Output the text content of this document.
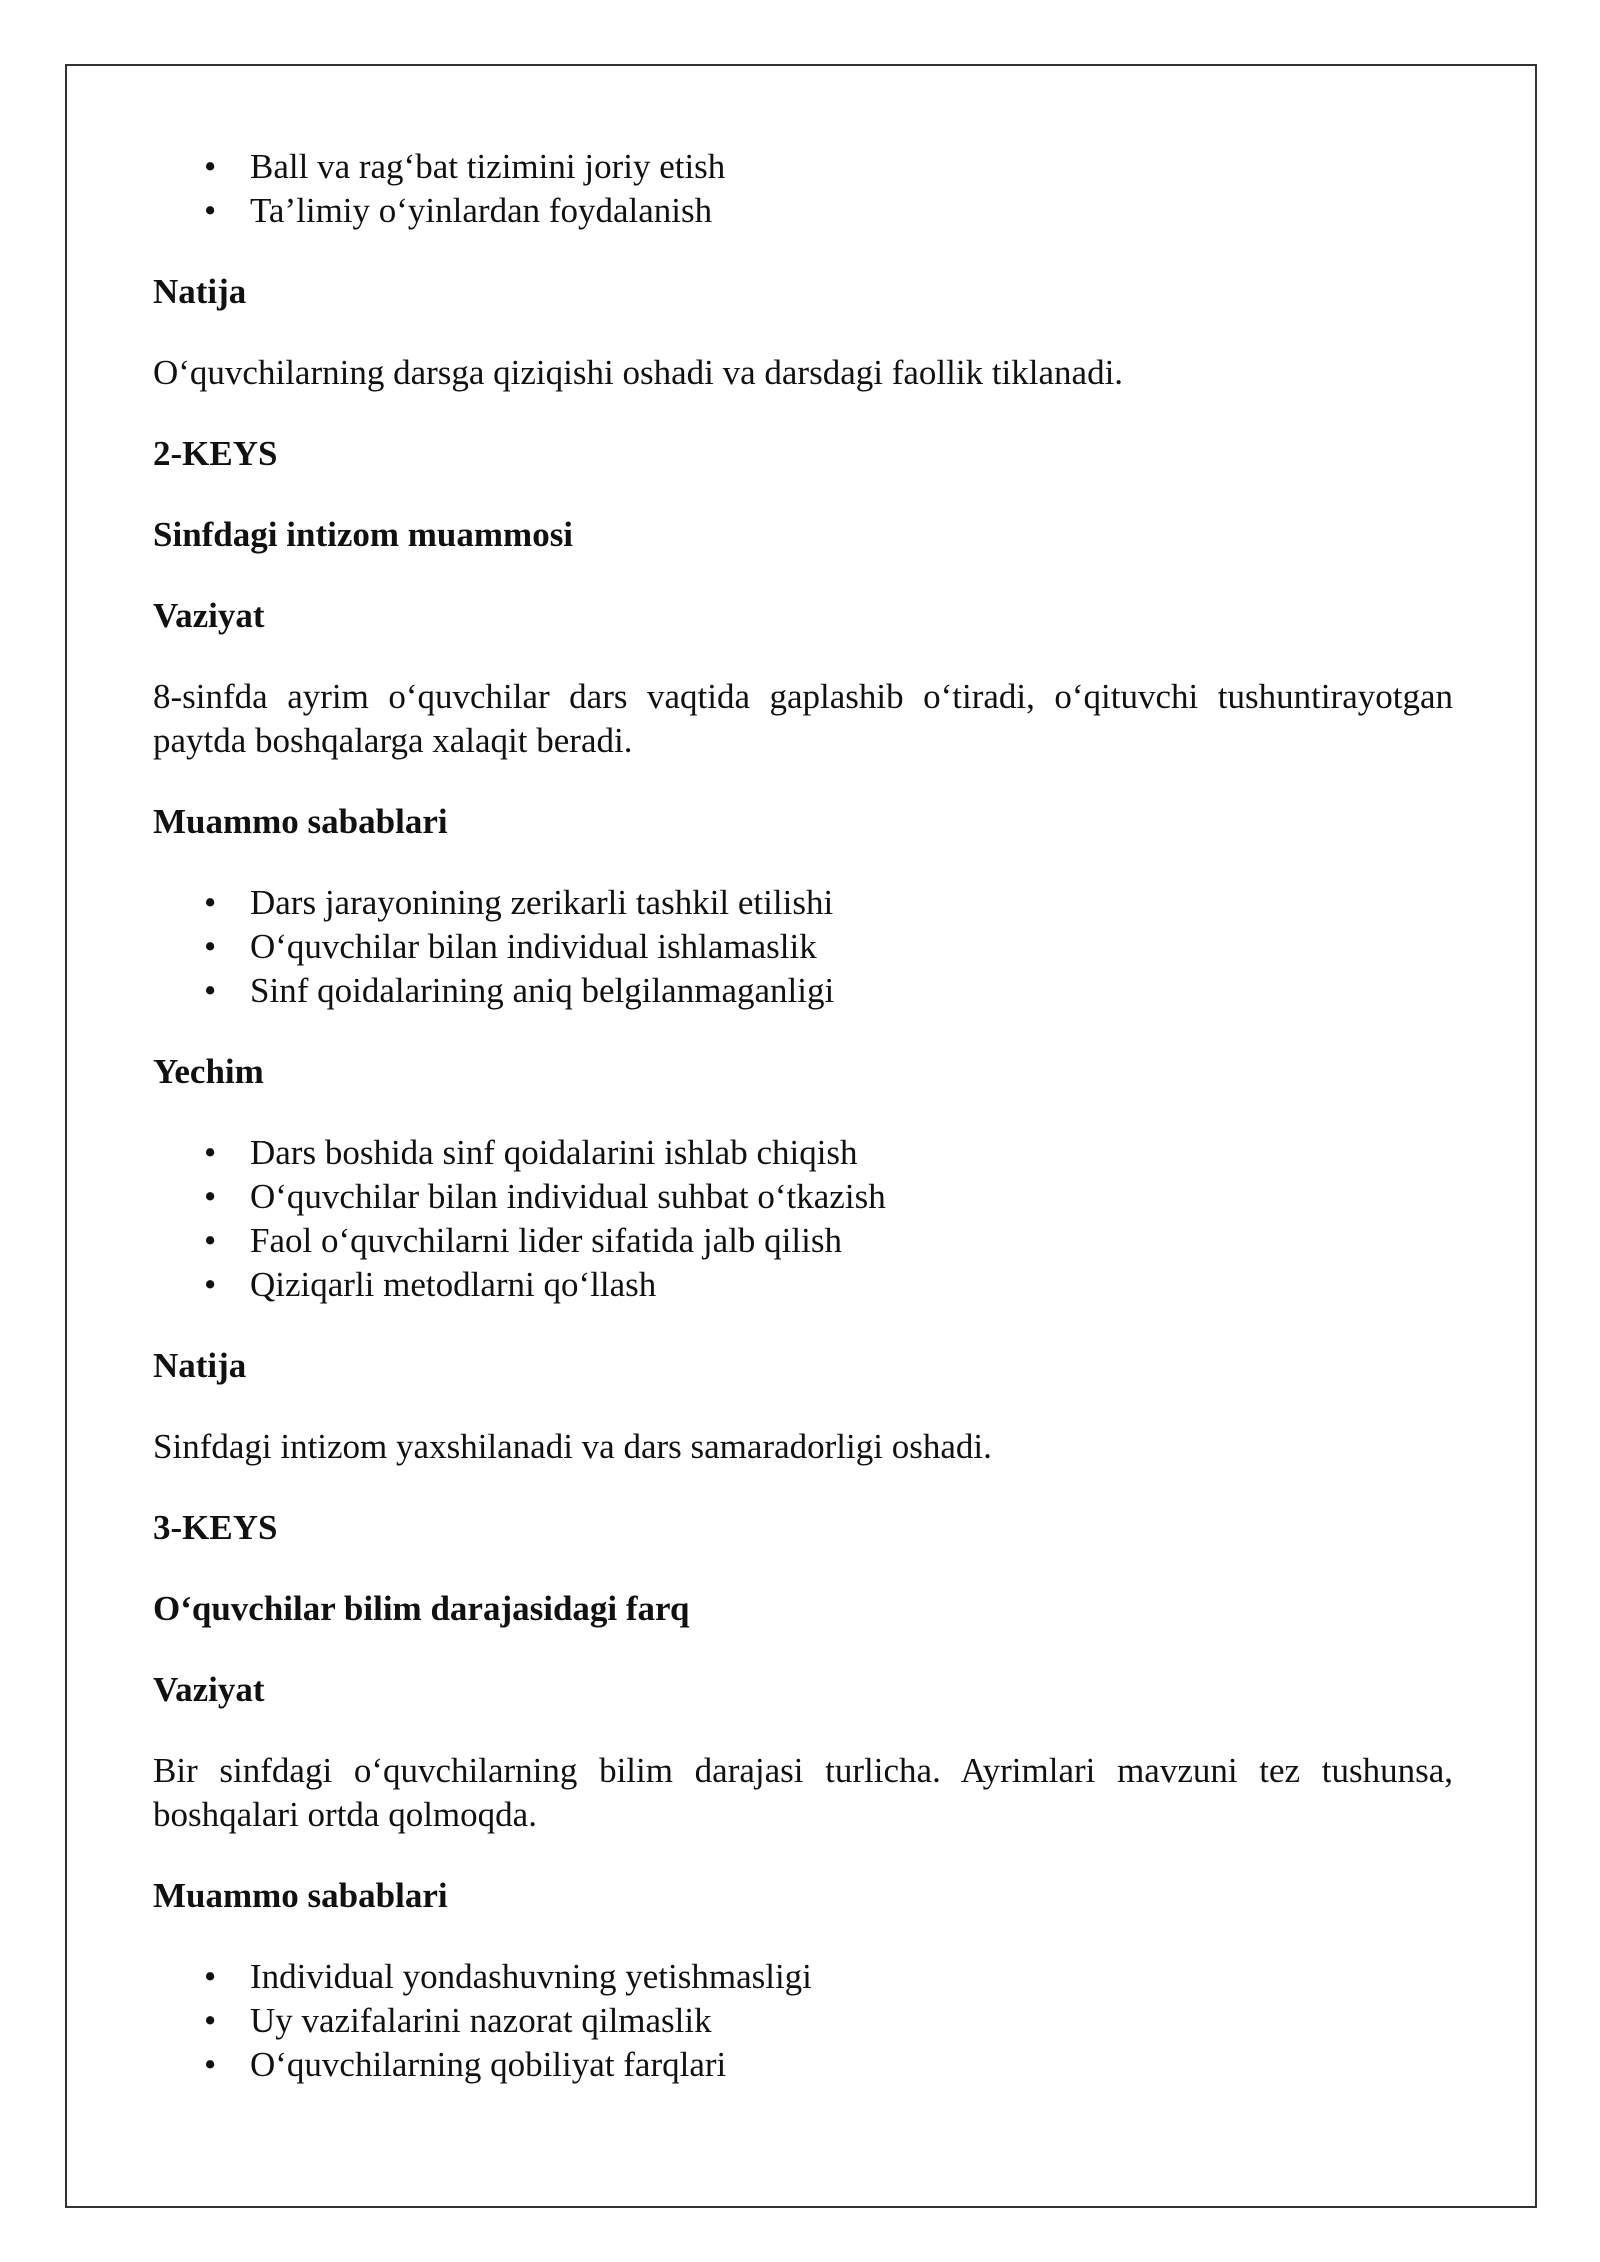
• Ball va rag‘bat tizimini joriy etish
• Ta’limiy o‘yinlardan foydalanish
Natija
O‘quvchilarning darsga qiziqishi oshadi va darsdagi faollik tiklanadi.
2-KEYS
Sinfdagi intizom muammosi
Vaziyat
8-sinfda ayrim o‘quvchilar dars vaqtida gaplashib o‘tiradi, o‘qituvchi tushuntirayotgan paytda boshqalarga xalaqit beradi.
Muammo sabablari
• Dars jarayonining zerikarli tashkil etilishi
• O‘quvchilar bilan individual ishlamaslik
• Sinf qoidalarining aniq belgilanmaganligi
Yechim
• Dars boshida sinf qoidalarini ishlab chiqish
• O‘quvchilar bilan individual suhbat o‘tkazish
• Faol o‘quvchilarni lider sifatida jalb qilish
• Qiziqarli metodlarni qo‘llash
Natija
Sinfdagi intizom yaxshilanadi va dars samaradorligi oshadi.
3-KEYS
O‘quvchilar bilim darajasidagi farq
Vaziyat
Bir sinfdagi o‘quvchilarning bilim darajasi turlicha. Ayrimlari mavzuni tez tushunsa, boshqalari ortda qolmoqda.
Muammo sabablari
• Individual yondashuvning yetishmasligi
• Uy vazifalarini nazorat qilmaslik
• O‘quvchilarning qobiliyat farqlari
